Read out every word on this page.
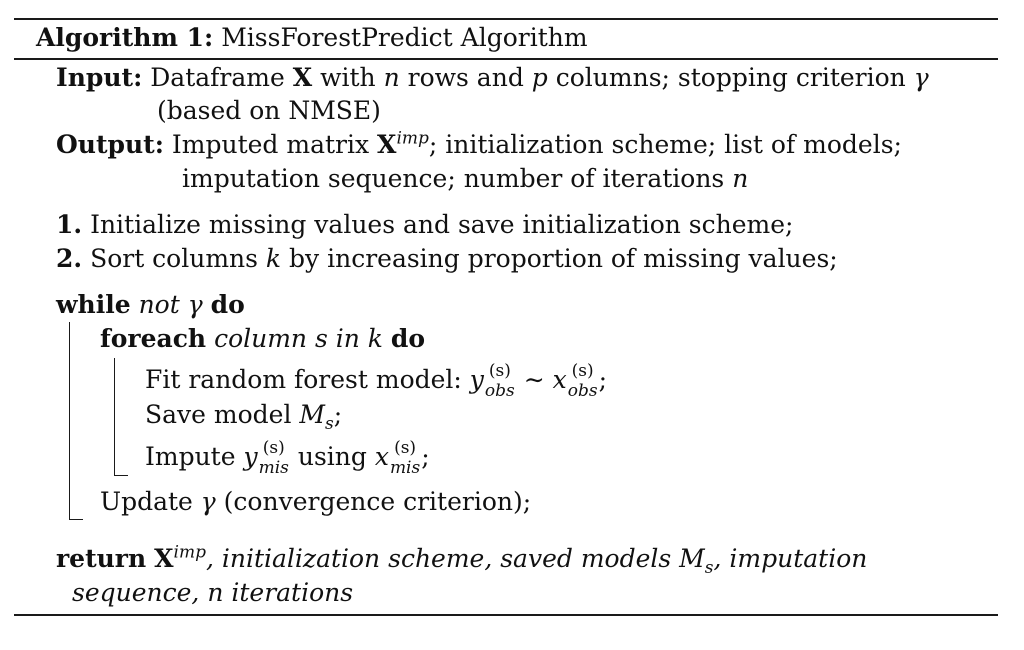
Algorithm 1: MissForestPredict Algorithm
Input: Dataframe X with n rows and p columns; stopping criterion γ
(based on NMSE)
Output: Imputed matrix $X^{imp}$; initialization scheme; list of models;
imputation sequence; number of iterations n
1. Initialize missing values and save initialization scheme;
2. Sort columns k by increasing proportion of missing values;
while not γ do
foreach column s in k do
Fit random forest model: y (s)
obs ∼ x (s)
obs ;
Save model $M_s$;
Impute y (s)
mis using x (s)
mis ;
Update γ (convergence criterion);
return $X^{imp}$, initialization scheme, saved models $M_s$, imputation
sequence, n iterations
